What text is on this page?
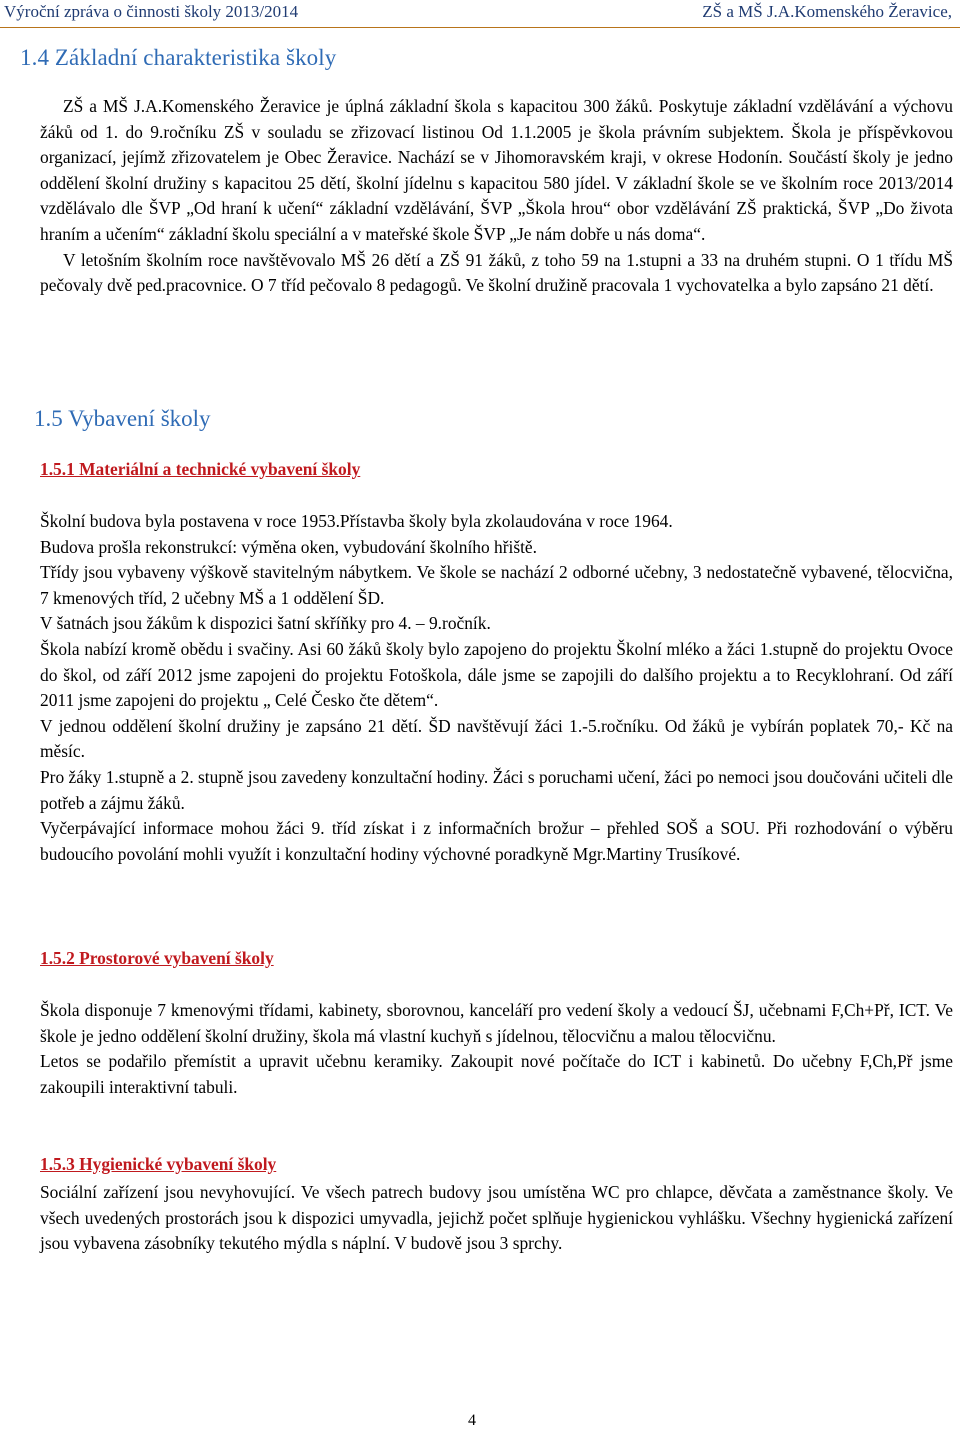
Výroční zpráva o činnosti školy 2013/2014	ZŠ a MŠ J.A.Komenského Žeravice,
1.4 Základní charakteristika školy

ZŠ a MŠ J.A.Komenského Žeravice je úplná základní škola s kapacitou 300 žáků. Poskytuje základní vzdělávání a výchovu žáků od 1. do 9.ročníku ZŠ v souladu se zřizovací listinou Od 1.1.2005 je škola právním subjektem. Škola je příspěvkovou organizací, jejímž zřizovatelem je Obec Žeravice. Nachází se v Jihomoravském kraji, v okrese Hodonín. Součástí školy je jedno oddělení školní družiny s kapacitou 25 dětí, školní jídelnu s kapacitou 580 jídel. V základní škole se ve školním roce 2013/2014 vzdělávalo dle ŠVP „Od hraní k učení“ základní vzdělávání, ŠVP „Škola hrou“ obor vzdělávání ZŠ praktická, ŠVP „Do života hraním a učením“ základní školu speciální a v mateřské škole ŠVP „Je nám dobře u nás doma“.

V letošním školním roce navštěvovalo MŠ 26 dětí a ZŠ 91 žáků, z toho 59 na 1.stupni a 33 na druhém stupni. O 1 třídu MŠ pečovaly dvě ped.pracovnice. O 7 tříd pečovalo 8 pedagogů. Ve školní družině pracovala 1 vychovatelka a bylo zapsáno 21 dětí.

1.5 Vybavení školy
1.5.1 Materiální a technické vybavení školy

Školní budova byla postavena v roce 1953.Přístavba školy byla zkolaudována v roce 1964.

Budova prošla rekonstrukcí: výměna oken, vybudování školního hřiště.

Třídy jsou vybaveny výškově stavitelným nábytkem. Ve škole se nachází 2 odborné učebny, 3 nedostatečně vybavené, tělocvična, 7 kmenových tříd, 2 učebny MŠ a 1 oddělení ŠD.

V šatnách jsou žákům k dispozici šatní skříňky pro 4. – 9.ročník.

Škola nabízí kromě obědu i svačiny. Asi 60 žáků školy bylo zapojeno do projektu Školní mléko a žáci 1.stupně do projektu Ovoce do škol, od září 2012 jsme zapojeni do projektu Fotoškola, dále jsme se zapojili do dalšího projektu a to Recyklohraní. Od září 2011 jsme zapojeni do projektu „ Celé Česko čte dětem“.

V jednou oddělení školní družiny je zapsáno 21 dětí. ŠD navštěvují žáci 1.-5.ročníku. Od žáků je vybírán poplatek 70,- Kč na měsíc.

Pro žáky 1.stupně a 2. stupně jsou zavedeny konzultační hodiny. Žáci s poruchami učení, žáci po nemoci jsou doučováni učiteli dle potřeb a zájmu žáků.

Vyčerpávající informace mohou žáci 9. tříd získat i z informačních brožur – přehled SOŠ a SOU. Při rozhodování o výběru budoucího povolání mohli využít i konzultační hodiny výchovné poradkyně Mgr.Martiny Trusíkové.

1.5.2 Prostorové vybavení školy

Škola disponuje 7 kmenovými třídami, kabinety, sborovnou, kanceláří pro vedení školy a vedoucí ŠJ, učebnami F,Ch+Př, ICT. Ve škole je jedno oddělení školní družiny, škola má vlastní kuchyň s jídelnou, tělocvičnu a malou tělocvičnu.

Letos se podařilo přemístit a upravit učebnu keramiky. Zakoupit nové počítače do ICT i kabinetů. Do učebny F,Ch,Př jsme zakoupili interaktivní tabuli.

1.5.3 Hygienické vybavení školy

Sociální zařízení jsou nevyhovující. Ve všech patrech budovy jsou umístěna WC pro chlapce, děvčata a zaměstnance školy. Ve všech uvedených prostorách jsou k dispozici umyvadla, jejichž počet splňuje hygienickou vyhlášku. Všechny hygienická zařízení jsou vybavena zásobníky tekutého mýdla s náplní. V budově jsou 3 sprchy.

4
